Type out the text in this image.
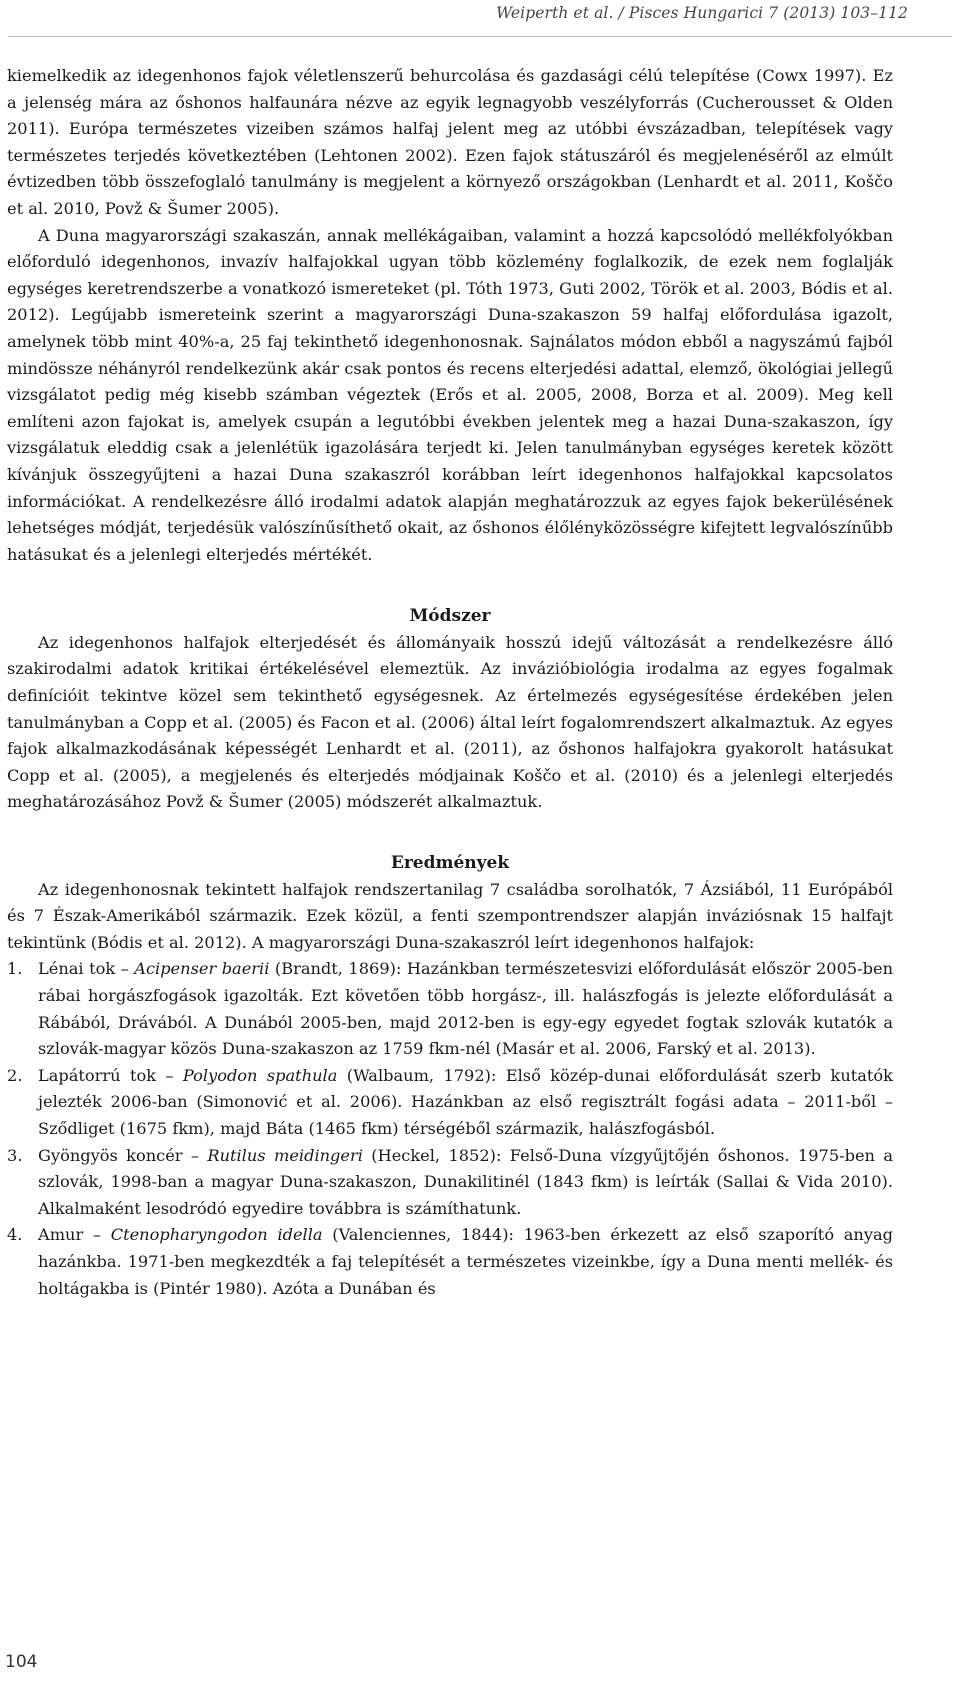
Weiperth et al. / Pisces Hungarici 7 (2013) 103–112

kiemelkedik az idegenhonos fajok véletlenszerű behurcolása és gazdasági célú telepítése (Cowx 1997). Ez a jelenség mára az őshonos halfaunára nézve az egyik legnagyobb veszélyforrás (Cucherousset & Olden 2011). Európa természetes vizeiben számos halfaj jelent meg az utóbbi évszázadban, telepítések vagy természetes terjedés következtében (Lehtonen 2002). Ezen fajok státuszáról és megjelenéséről az elmúlt évtizedben több összefoglaló tanulmány is megjelent a környező országokban (Lenhardt et al. 2011, Koščo et al. 2010, Povž & Šumer 2005).

A Duna magyarországi szakaszán, annak mellékágaiban, valamint a hozzá kapcsolódó mellékfolyókban előforduló idegenhonos, invazív halfajokkal ugyan több közlemény foglalkozik, de ezek nem foglalják egységes keretrendszerbe a vonatkozó ismereteket (pl. Tóth 1973, Guti 2002, Török et al. 2003, Bódis et al. 2012). Legújabb ismereteink szerint a magyarországi Duna-szakaszon 59 halfaj előfordulása igazolt, amelynek több mint 40%-a, 25 faj tekinthető idegenhonosnak. Sajnálatos módon ebből a nagyszámú fajból mindössze néhányról rendelkezünk akár csak pontos és recens elterjedési adattal, elemző, ökológiai jellegű vizsgálatot pedig még kisebb számban végeztek (Erős et al. 2005, 2008, Borza et al. 2009). Meg kell említeni azon fajokat is, amelyek csupán a legutóbbi években jelentek meg a hazai Duna-szakaszon, így vizsgálatuk eleddig csak a jelenlétük igazolására terjedt ki. Jelen tanulmányban egységes keretek között kívánjuk összegyűjteni a hazai Duna szakaszról korábban leírt idegenhonos halfajokkal kapcsolatos információkat. A rendelkezésre álló irodalmi adatok alapján meghatározzuk az egyes fajok bekerülésének lehetséges módját, terjedésük valószínűsíthető okait, az őshonos élőlényközösségre kifejtett legvalószínűbb hatásukat és a jelenlegi elterjedés mértékét.

Módszer

Az idegenhonos halfajok elterjedését és állományaik hosszú idejű változását a rendelkezésre álló szakirodalmi adatok kritikai értékelésével elemeztük. Az invázióbiológia irodalma az egyes fogalmak definícióit tekintve közel sem tekinthető egységesnek. Az értelmezés egységesítése érdekében jelen tanulmányban a Copp et al. (2005) és Facon et al. (2006) által leírt fogalomrendszert alkalmaztuk. Az egyes fajok alkalmazkodásának képességét Lenhardt et al. (2011), az őshonos halfajokra gyakorolt hatásukat Copp et al. (2005), a megjelenés és elterjedés módjainak Koščo et al. (2010) és a jelenlegi elterjedés meghatározásához Povž & Šumer (2005) módszerét alkalmaztuk.

Eredmények

Az idegenhonosnak tekintett halfajok rendszertanilag 7 családba sorolhatók, 7 Ázsiából, 11 Európából és 7 Észak-Amerikából származik. Ezek közül, a fenti szempontrendszer alapján inváziósnak 15 halfajt tekintünk (Bódis et al. 2012). A magyarországi Duna-szakaszról leírt idegenhonos halfajok:

1. Lénai tok – Acipenser baerii (Brandt, 1869): Hazánkban természetesvizi előfordulását először 2005-ben rábai horgászfogások igazolták. Ezt követően több horgász-, ill. halászfogás is jelezte előfordulását a Rábából, Drávából. A Dunából 2005-ben, majd 2012-ben is egy-egy egyedet fogtak szlovák kutatók a szlovák-magyar közös Duna-szakaszon az 1759 fkm-nél (Masár et al. 2006, Farský et al. 2013).
2. Lapátorrú tok – Polyodon spathula (Walbaum, 1792): Első közép-dunai előfordulását szerb kutatók jelezték 2006-ban (Simonović et al. 2006). Hazánkban az első regisztrált fogási adata – 2011-ből – Sződliget (1675 fkm), majd Báta (1465 fkm) térségéből származik, halászfogásból.
3. Gyöngyös koncér – Rutilus meidingeri (Heckel, 1852): Felső-Duna vízgyűjtőjén őshonos. 1975-ben a szlovák, 1998-ban a magyar Duna-szakaszon, Dunakilitinél (1843 fkm) is leírták (Sallai & Vida 2010). Alkalmaként lesodródó egyedire továbbra is számíthatunk.
4. Amur – Ctenopharyngodon idella (Valenciennes, 1844): 1963-ben érkezett az első szaporító anyag hazánkba. 1971-ben megkezdték a faj telepítését a természetes vizeinkbe, így a Duna menti mellék- és holtágakba is (Pintér 1980). Azóta a Dunában és
104
